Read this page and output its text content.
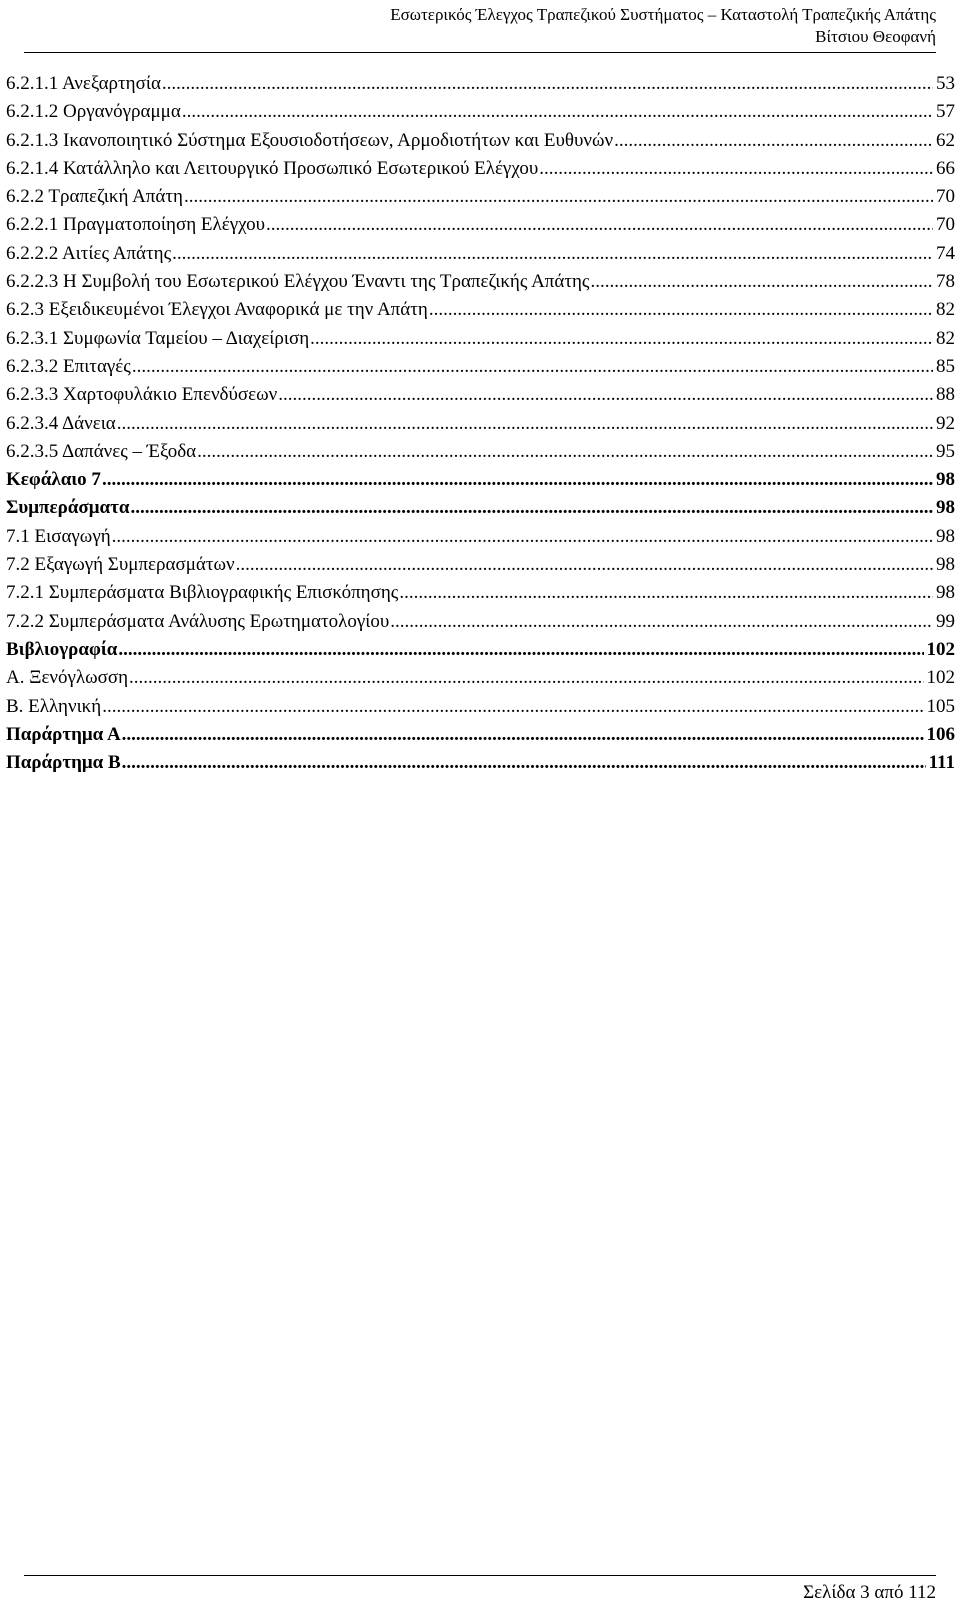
Εσωτερικός Έλεγχος Τραπεζικού Συστήματος – Καταστολή Τραπεζικής Απάτης
Βίτσιου Θεοφανή
6.2.1.1 Ανεξαρτησία .....	53
6.2.1.2 Οργανόγραμμα .....	57
6.2.1.3 Ικανοποιητικό Σύστημα Εξουσιοδοτήσεων, Αρμοδιοτήτων και Ευθυνών .....	62
6.2.1.4 Κατάλληλο και Λειτουργικό Προσωπικό Εσωτερικού Ελέγχου .....	66
6.2.2 Τραπεζική Απάτη .....	70
6.2.2.1 Πραγματοποίηση Ελέγχου .....	70
6.2.2.2 Αιτίες Απάτης .....	74
6.2.2.3 Η Συμβολή του Εσωτερικού Ελέγχου Έναντι της Τραπεζικής Απάτης .....	78
6.2.3 Εξειδικευμένοι Έλεγχοι Αναφορικά με την Απάτη .....	82
6.2.3.1 Συμφωνία Ταμείου – Διαχείριση .....	82
6.2.3.2 Επιταγές .....	85
6.2.3.3 Χαρτοφυλάκιο Επενδύσεων .....	88
6.2.3.4 Δάνεια .....	92
6.2.3.5 Δαπάνες – Έξοδα .....	95
Κεφάλαιο 7 .....	98
Συμπεράσματα .....	98
7.1 Εισαγωγή .....	98
7.2 Εξαγωγή Συμπερασμάτων .....	98
7.2.1 Συμπεράσματα Βιβλιογραφικής Επισκόπησης .....	98
7.2.2 Συμπεράσματα Ανάλυσης Ερωτηματολογίου .....	99
Βιβλιογραφία .....	102
Α. Ξενόγλωσση .....	102
Β. Ελληνική .....	105
Παράρτημα Α .....	106
Παράρτημα Β .....	111
Σελίδα 3 από 112
